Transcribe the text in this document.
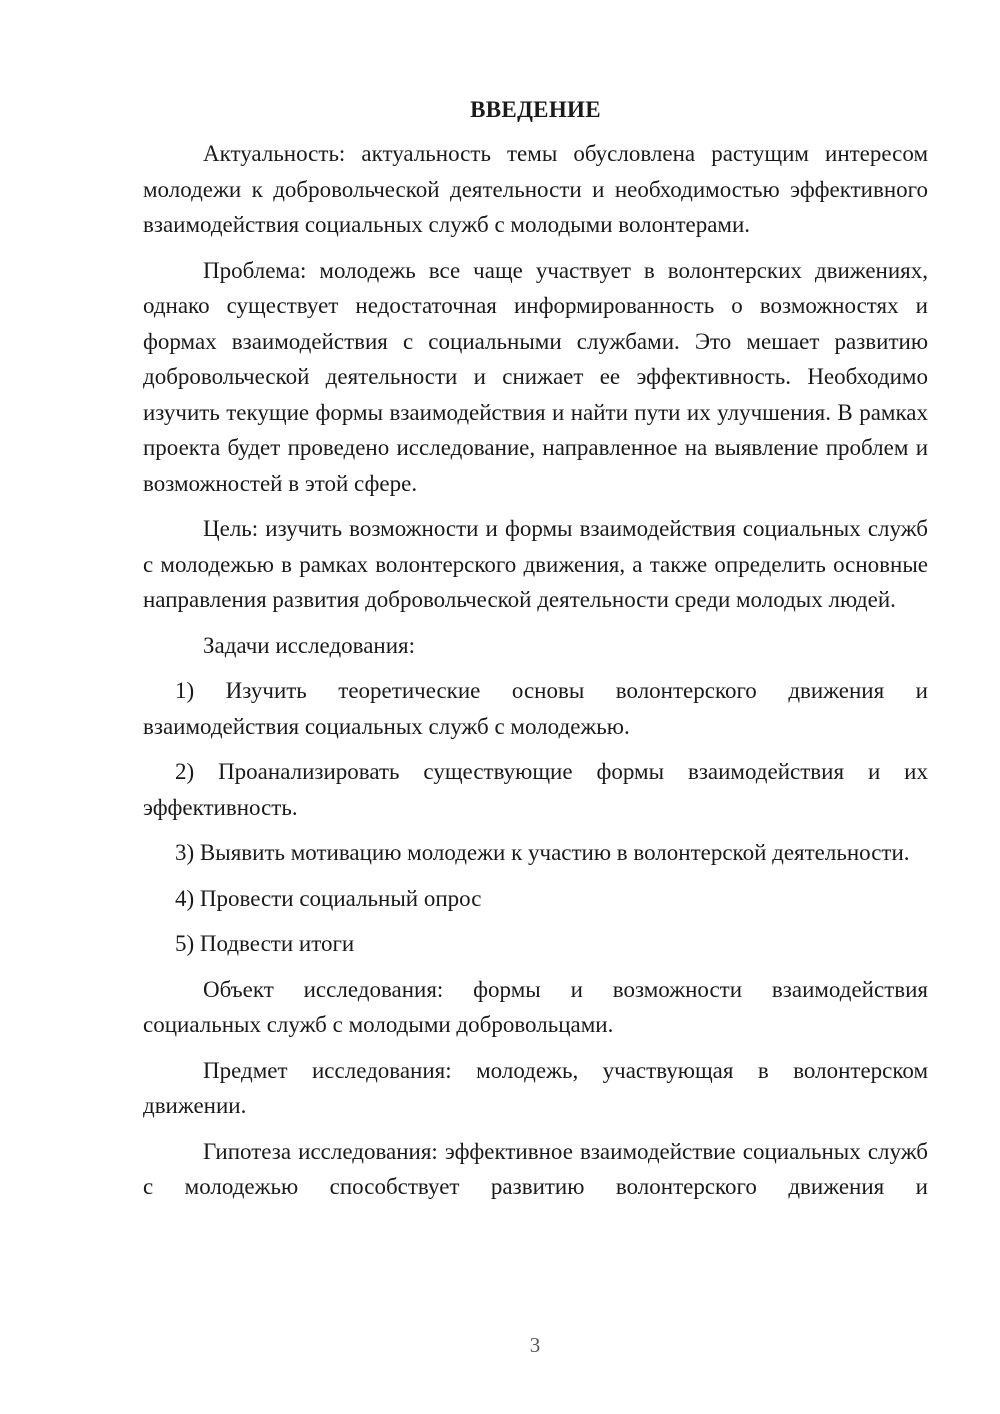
ВВЕДЕНИЕ

Актуальность: актуальность темы обусловлена растущим интересом молодежи к добровольческой деятельности и необходимостью эффективного взаимодействия социальных служб с молодыми волонтерами.

Проблема: молодежь все чаще участвует в волонтерских движениях, однако существует недостаточная информированность о возможностях и формах взаимодействия с социальными службами. Это мешает развитию добровольческой деятельности и снижает ее эффективность. Необходимо изучить текущие формы взаимодействия и найти пути их улучшения. В рамках проекта будет проведено исследование, направленное на выявление проблем и возможностей в этой сфере.

Цель: изучить возможности и формы взаимодействия социальных служб с молодежью в рамках волонтерского движения, а также определить основные направления развития добровольческой деятельности среди молодых людей.

Задачи исследования:

1) Изучить теоретические основы волонтерского движения и взаимодействия социальных служб с молодежью.

2) Проанализировать существующие формы взаимодействия и их эффективность.

3) Выявить мотивацию молодежи к участию в волонтерской деятельности.

4) Провести социальный опрос

5) Подвести итоги

Объект исследования: формы и возможности взаимодействия социальных служб с молодыми добровольцами.

Предмет исследования: молодежь, участвующая в волонтерском движении.

Гипотеза исследования: эффективное взаимодействие социальных служб с молодежью способствует развитию волонтерского движения и

3
